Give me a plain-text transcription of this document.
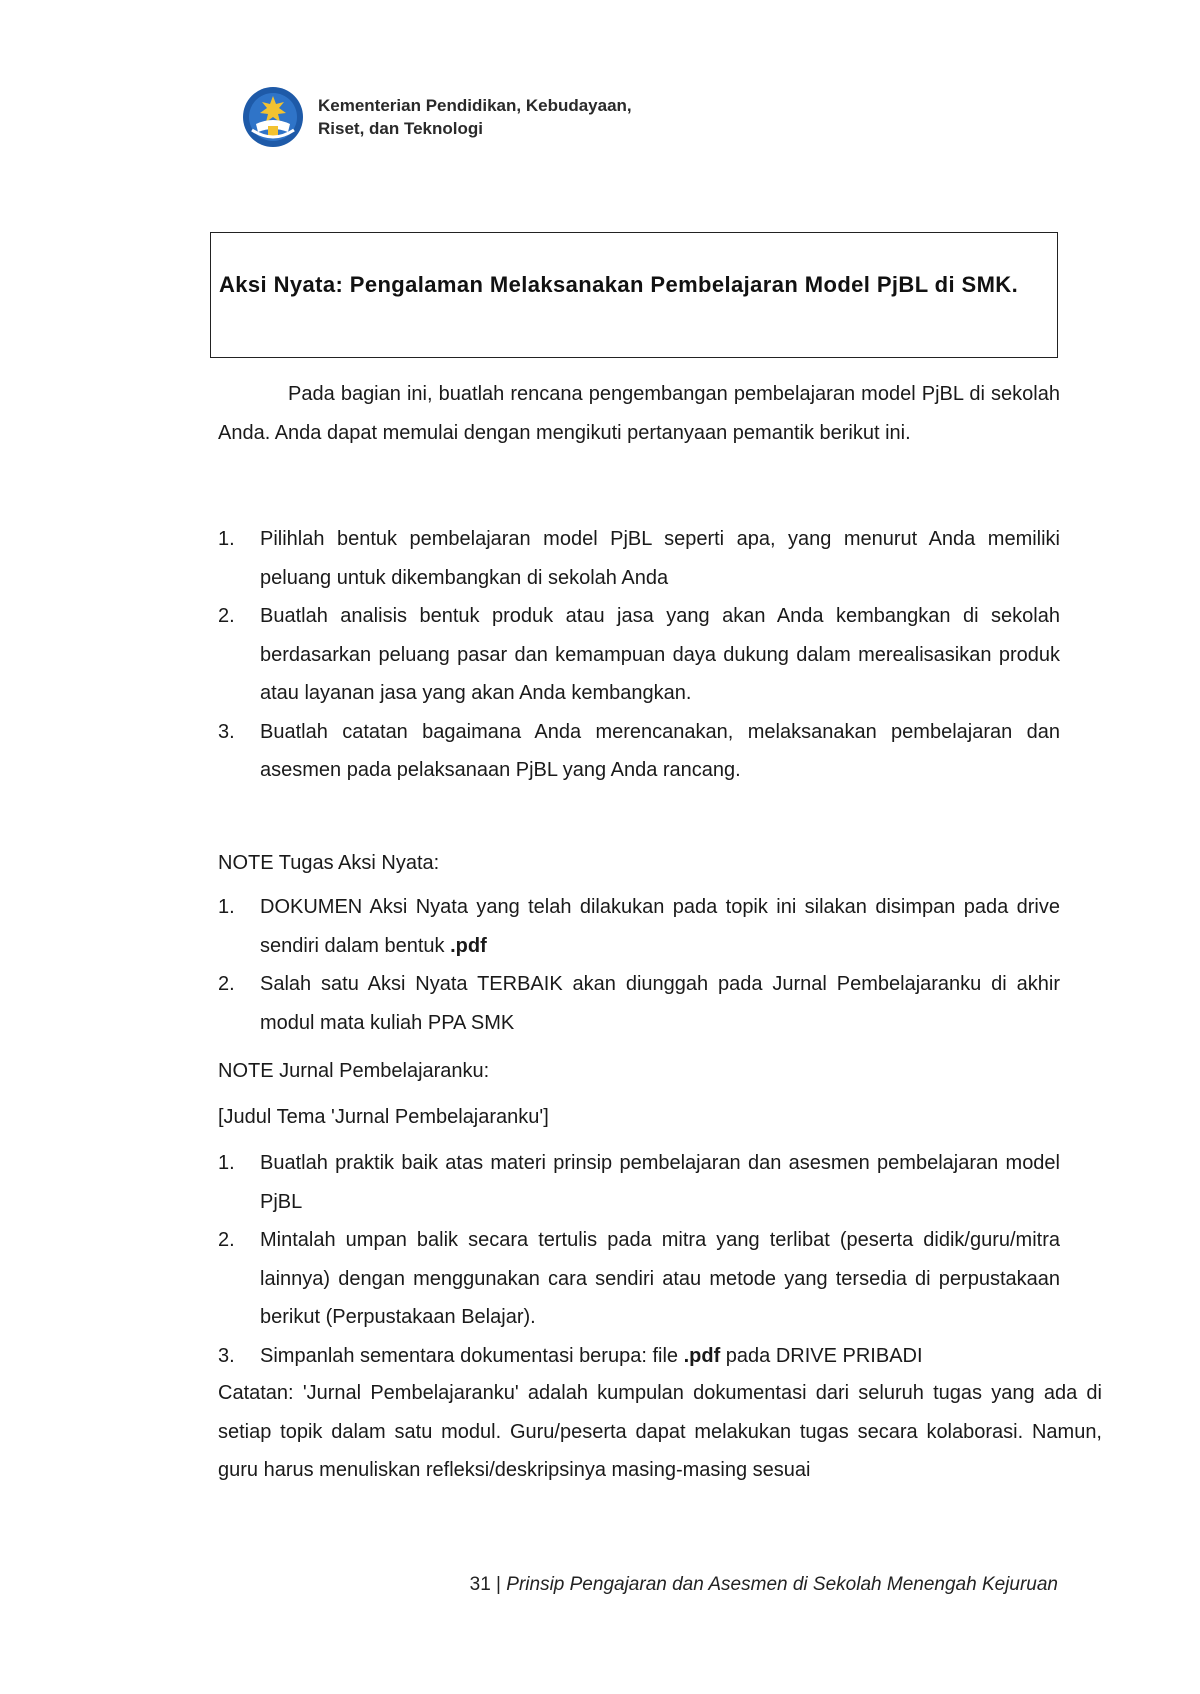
Kementerian Pendidikan, Kebudayaan,
Riset, dan Teknologi

Aksi Nyata: Pengalaman Melaksanakan Pembelajaran Model PjBL di SMK.

Pada bagian ini, buatlah rencana pengembangan pembelajaran model PjBL di sekolah Anda. Anda dapat memulai dengan mengikuti pertanyaan pemantik berikut ini.
1. Pilihlah bentuk pembelajaran model PjBL seperti apa, yang menurut Anda memiliki peluang untuk dikembangkan di sekolah Anda
2. Buatlah analisis bentuk produk atau jasa yang akan Anda kembangkan di sekolah berdasarkan peluang pasar dan kemampuan daya dukung dalam merealisasikan produk atau layanan jasa yang akan Anda kembangkan.
3. Buatlah catatan bagaimana Anda merencanakan, melaksanakan pembelajaran dan asesmen pada pelaksanaan PjBL yang Anda rancang.
NOTE Tugas Aksi Nyata:
1. DOKUMEN Aksi Nyata yang telah dilakukan pada topik ini silakan disimpan pada drive sendiri dalam bentuk .pdf
2. Salah satu Aksi Nyata TERBAIK akan diunggah pada Jurnal Pembelajaranku di akhir modul mata kuliah PPA SMK
NOTE Jurnal Pembelajaranku:
[Judul Tema 'Jurnal Pembelajaranku']
1. Buatlah praktik baik atas materi prinsip pembelajaran dan asesmen pembelajaran model PjBL
2. Mintalah umpan balik secara tertulis pada mitra yang terlibat (peserta didik/guru/mitra lainnya) dengan menggunakan cara sendiri atau metode yang tersedia di perpustakaan berikut (Perpustakaan Belajar).
3. Simpanlah sementara dokumentasi berupa: file .pdf pada DRIVE PRIBADI
Catatan: 'Jurnal Pembelajaranku' adalah kumpulan dokumentasi dari seluruh tugas yang ada di setiap topik dalam satu modul. Guru/peserta dapat melakukan tugas secara kolaborasi. Namun, guru harus menuliskan refleksi/deskripsinya masing-masing sesuai
31 | Prinsip Pengajaran dan Asesmen di Sekolah Menengah Kejuruan
